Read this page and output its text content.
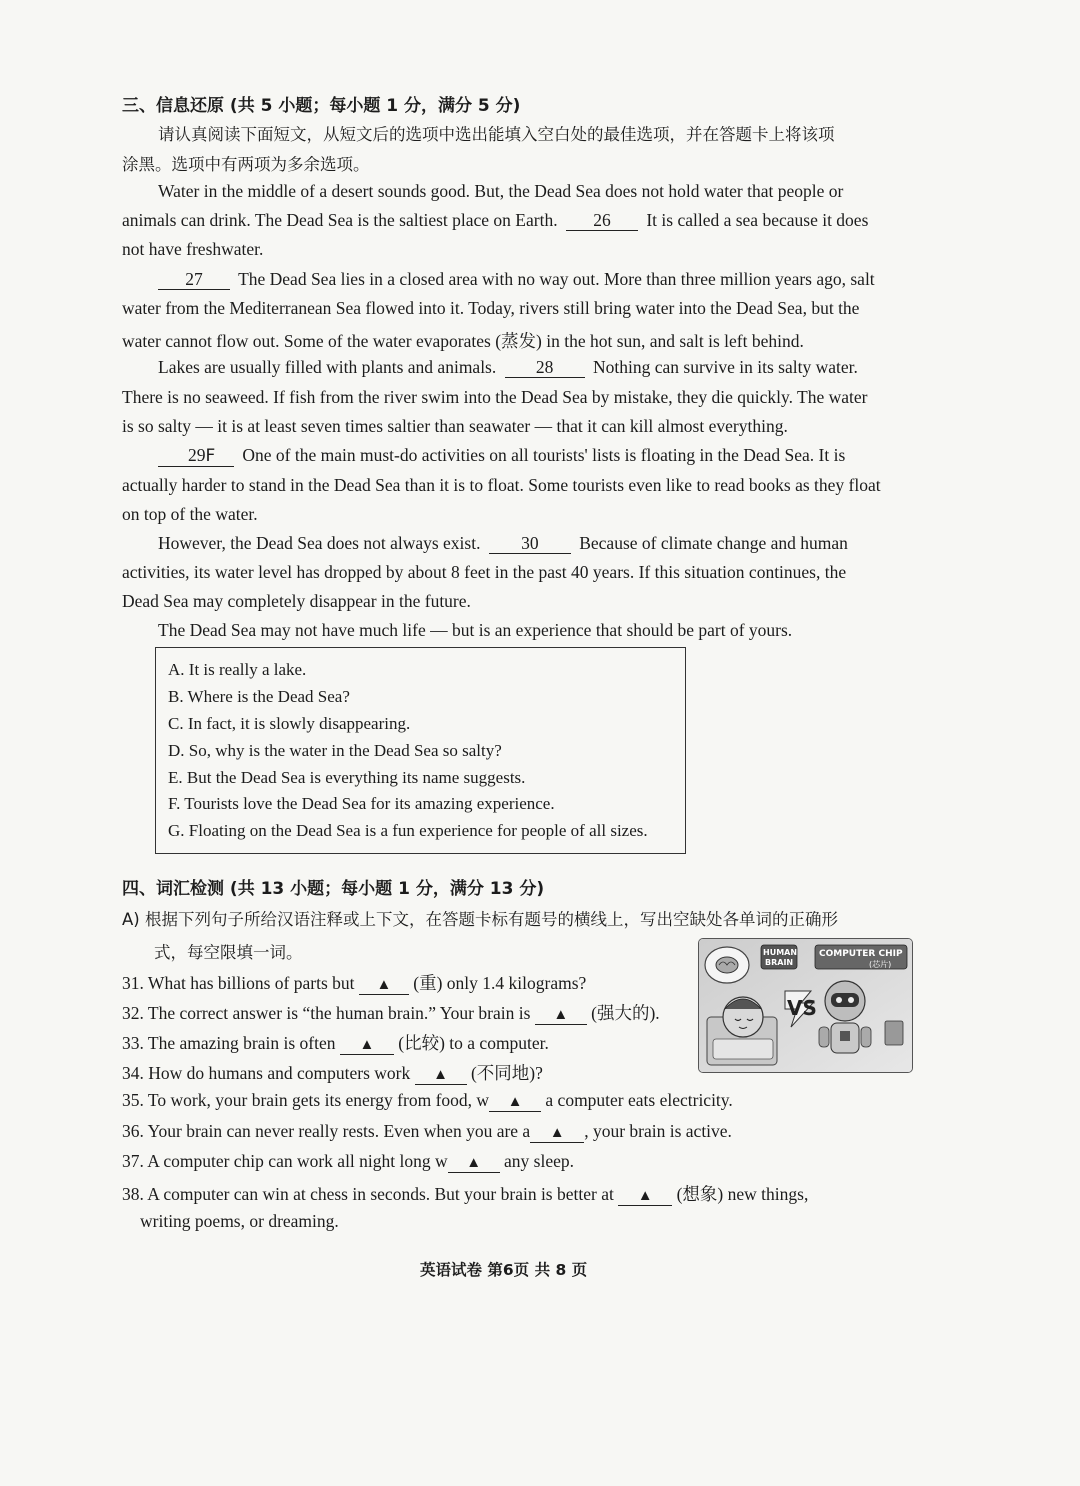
三、信息还原 (共 5 小题；每小题 1 分，满分 5 分)
请认真阅读下面短文，从短文后的选项中选出能填入空白处的最佳选项，并在答题卡上将该项
涂黑。选项中有两项为多余选项。
Water in the middle of a desert sounds good. But, the Dead Sea does not hold water that people or
animals can drink. The Dead Sea is the saltiest place on Earth. 26 It is called a sea because it does
not have freshwater.
27 The Dead Sea lies in a closed area with no way out. More than three million years ago, salt
water from the Mediterranean Sea flowed into it. Today, rivers still bring water into the Dead Sea, but the
water cannot flow out. Some of the water evaporates (蒸发) in the hot sun, and salt is left behind.
Lakes are usually filled with plants and animals. 28 Nothing can survive in its salty water.
There is no seaweed. If fish from the river swim into the Dead Sea by mistake, they die quickly. The water
is so salty — it is at least seven times saltier than seawater — that it can kill almost everything.
29F One of the main must-do activities on all tourists' lists is floating in the Dead Sea. It is
actually harder to stand in the Dead Sea than it is to float. Some tourists even like to read books as they float
on top of the water.
However, the Dead Sea does not always exist. 30 Because of climate change and human
activities, its water level has dropped by about 8 feet in the past 40 years. If this situation continues, the
Dead Sea may completely disappear in the future.
The Dead Sea may not have much life — but is an experience that should be part of yours.
A. It is really a lake.
B. Where is the Dead Sea?
C. In fact, it is slowly disappearing.
D. So, why is the water in the Dead Sea so salty?
E. But the Dead Sea is everything its name suggests.
F. Tourists love the Dead Sea for its amazing experience.
G. Floating on the Dead Sea is a fun experience for people of all sizes.
四、词汇检测 (共 13 小题；每小题 1 分，满分 13 分)
A) 根据下列句子所给汉语注释或上下文，在答题卡标有题号的横线上，写出空缺处各单词的正确形
式，每空限填一词。
31. What has billions of parts but ▲ (重) only 1.4 kilograms?
32. The correct answer is “the human brain.” Your brain is ▲ (强大的).
33. The amazing brain is often ▲ (比较) to a computer.
34. How do humans and computers work ▲ (不同地)?
35. To work, your brain gets its energy from food, w ▲ a computer eats electricity.
36. Your brain can never really rests. Even when you are a ▲ , your brain is active.
37. A computer chip can work all night long w ▲ any sleep.
38. A computer can win at chess in seconds. But your brain is better at ▲ (想象) new things,
writing poems, or dreaming.
VS
HUMAN
BRAIN
COMPUTER CHIP
(芯片)
英语试卷 第6页 共 8 页
